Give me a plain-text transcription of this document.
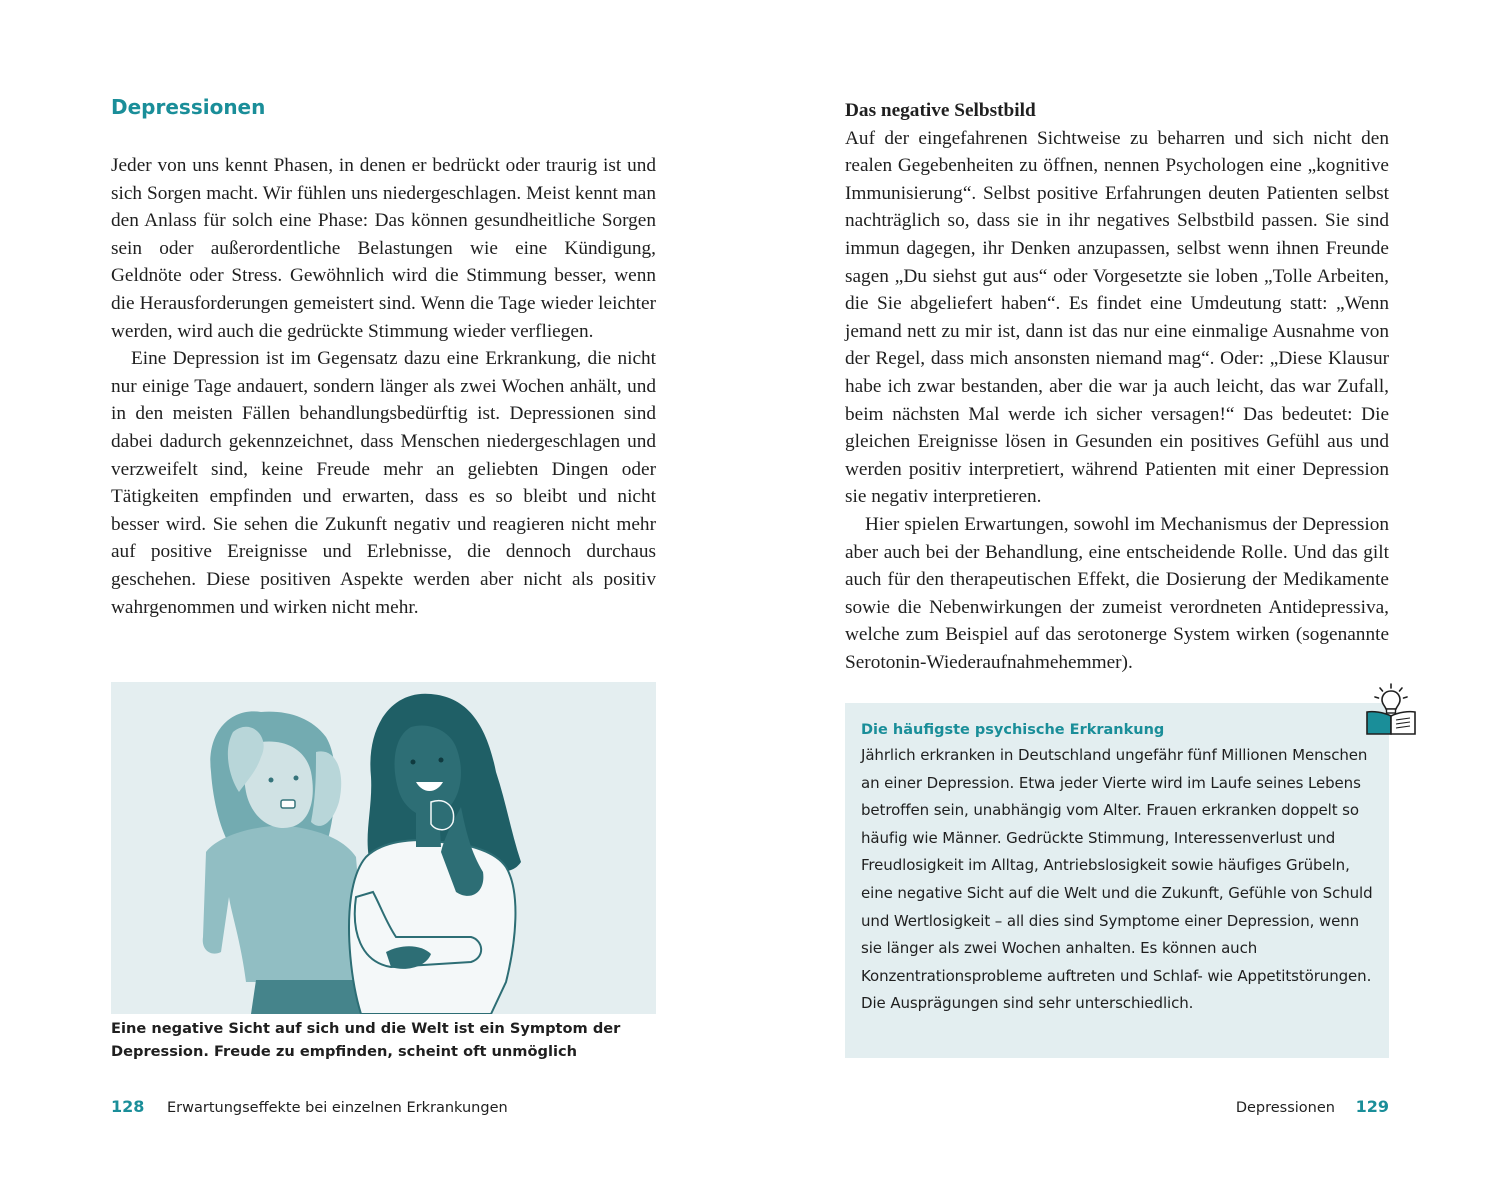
Depressionen

Jeder von uns kennt Phasen, in denen er bedrückt oder traurig ist und sich Sorgen macht. Wir fühlen uns niedergeschlagen. Meist kennt man den Anlass für solch eine Phase: Das können gesundheitliche Sorgen sein oder außerordentliche Belastungen wie eine Kündigung, Geldnöte oder Stress. Gewöhnlich wird die Stimmung besser, wenn die Herausforderungen gemeistert sind. Wenn die Tage wieder leichter werden, wird auch die gedrückte Stimmung wieder verfliegen.

Eine Depression ist im Gegensatz dazu eine Erkrankung, die nicht nur einige Tage andauert, sondern länger als zwei Wochen anhält, und in den meisten Fällen behandlungsbedürftig ist. Depressionen sind dabei dadurch gekennzeichnet, dass Menschen niedergeschlagen und verzweifelt sind, keine Freude mehr an geliebten Dingen oder Tätigkeiten empfinden und erwarten, dass es so bleibt und nicht besser wird. Sie sehen die Zukunft negativ und reagieren nicht mehr auf positive Ereignisse und Erlebnisse, die dennoch durchaus geschehen. Diese positiven Aspekte werden aber nicht als positiv wahrgenommen und wirken nicht mehr.

Eine negative Sicht auf sich und die Welt ist ein Symptom der Depression. Freude zu empfinden, scheint oft unmöglich

128 Erwartungseffekte bei einzelnen Erkrankungen
Das negative Selbstbild

Auf der eingefahrenen Sichtweise zu beharren und sich nicht den realen Gegebenheiten zu öffnen, nennen Psychologen eine „kognitive Immunisierung“. Selbst positive Erfahrungen deuten Patienten selbst nachträglich so, dass sie in ihr negatives Selbstbild passen. Sie sind immun dagegen, ihr Denken anzupassen, selbst wenn ihnen Freunde sagen „Du siehst gut aus“ oder Vorgesetzte sie loben „Tolle Arbeiten, die Sie abgeliefert haben“. Es findet eine Umdeutung statt: „Wenn jemand nett zu mir ist, dann ist das nur eine einmalige Ausnahme von der Regel, dass mich ansonsten niemand mag“. Oder: „Diese Klausur habe ich zwar bestanden, aber die war ja auch leicht, das war Zufall, beim nächsten Mal werde ich sicher versagen!“ Das bedeutet: Die gleichen Ereignisse lösen in Gesunden ein positives Gefühl aus und werden positiv interpretiert, während Patienten mit einer Depression sie negativ interpretieren.

Hier spielen Erwartungen, sowohl im Mechanismus der Depression aber auch bei der Behandlung, eine entscheidende Rolle. Und das gilt auch für den therapeutischen Effekt, die Dosierung der Medikamente sowie die Nebenwirkungen der zumeist verordneten Antidepressiva, welche zum Beispiel auf das serotonerge System wirken (sogenannte Serotonin-Wiederaufnahmehemmer).

Die häufigste psychische Erkrankung

Jährlich erkranken in Deutschland ungefähr fünf Millionen Menschen an einer Depression. Etwa jeder Vierte wird im Laufe seines Lebens betroffen sein, unabhängig vom Alter. Frauen erkranken doppelt so häufig wie Männer. Gedrückte Stimmung, Interessenverlust und Freudlosigkeit im Alltag, Antriebslosigkeit sowie häufiges Grübeln, eine negative Sicht auf die Welt und die Zukunft, Gefühle von Schuld und Wertlosigkeit – all dies sind Symptome einer Depression, wenn sie länger als zwei Wochen anhalten. Es können auch Konzentrationsprobleme auftreten und Schlaf- wie Appetitstörungen. Die Ausprägungen sind sehr unterschiedlich.

Depressionen 129
